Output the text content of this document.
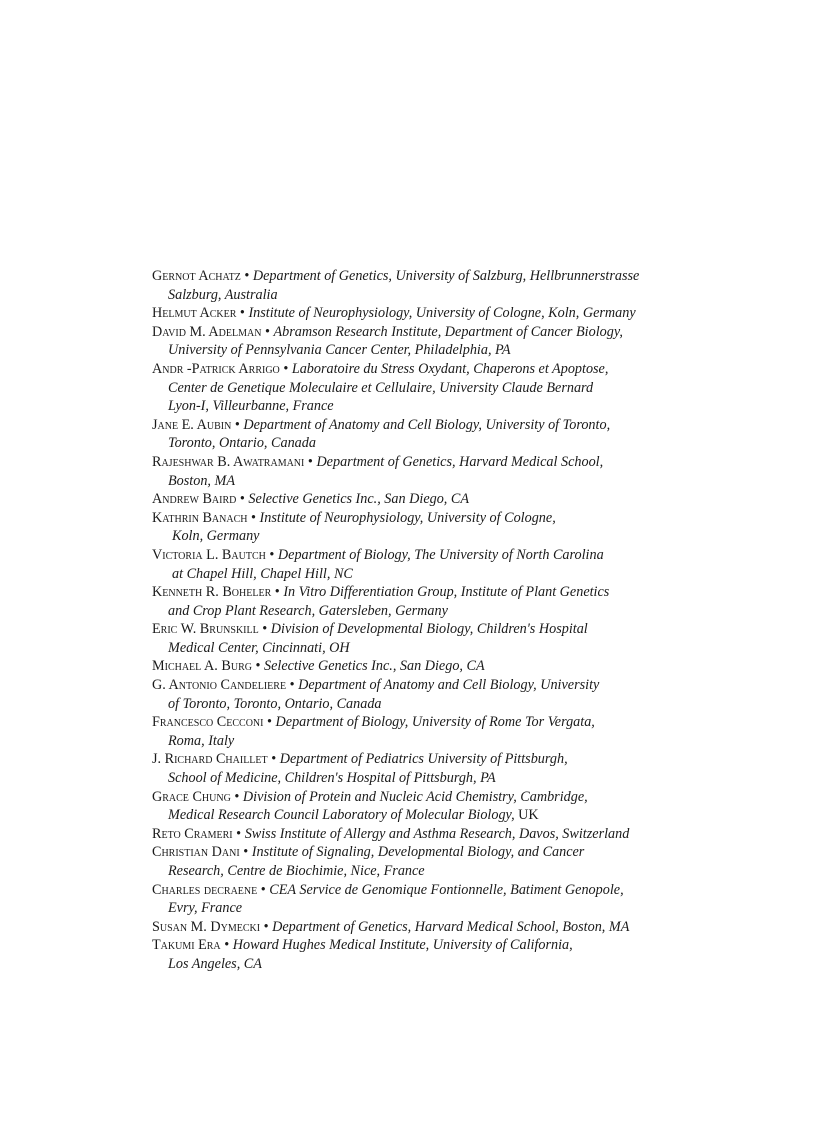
Gernot Achatz • Department of Genetics, University of Salzburg, Hellbrunnerstrasse
Salzburg, Australia
Helmut Acker • Institute of Neurophysiology, University of Cologne, Koln, Germany
David M. Adelman • Abramson Research Institute, Department of Cancer Biology,
University of Pennsylvania Cancer Center, Philadelphia, PA
Andr -Patrick Arrigo • Laboratoire du Stress Oxydant, Chaperons et Apoptose,
Center de Genetique Moleculaire et Cellulaire, University Claude Bernard
Lyon-I, Villeurbanne, France
Jane E. Aubin • Department of Anatomy and Cell Biology, University of Toronto,
Toronto, Ontario, Canada
Rajeshwar B. Awatramani • Department of Genetics, Harvard Medical School,
Boston, MA
Andrew Baird • Selective Genetics Inc., San Diego, CA
Kathrin Banach • Institute of Neurophysiology, University of Cologne,
Koln, Germany
Victoria L. Bautch • Department of Biology, The University of North Carolina
at Chapel Hill, Chapel Hill, NC
Kenneth R. Boheler • In Vitro Differentiation Group, Institute of Plant Genetics
and Crop Plant Research, Gatersleben, Germany
Eric W. Brunskill • Division of Developmental Biology, Children's Hospital
Medical Center, Cincinnati, OH
Michael A. Burg • Selective Genetics Inc., San Diego, CA
G. Antonio Candeliere • Department of Anatomy and Cell Biology, University
of Toronto, Toronto, Ontario, Canada
Francesco Cecconi • Department of Biology, University of Rome Tor Vergata,
Roma, Italy
J. Richard Chaillet • Department of Pediatrics University of Pittsburgh,
School of Medicine, Children's Hospital of Pittsburgh, PA
Grace Chung • Division of Protein and Nucleic Acid Chemistry, Cambridge,
Medical Research Council Laboratory of Molecular Biology, UK
Reto Crameri • Swiss Institute of Allergy and Asthma Research, Davos, Switzerland
Christian Dani • Institute of Signaling, Developmental Biology, and Cancer
Research, Centre de Biochimie, Nice, France
Charles decraene • CEA Service de Genomique Fontionnelle, Batiment Genopole,
Evry, France
Susan M. Dymecki • Department of Genetics, Harvard Medical School, Boston, MA
Takumi Era • Howard Hughes Medical Institute, University of California,
Los Angeles, CA
